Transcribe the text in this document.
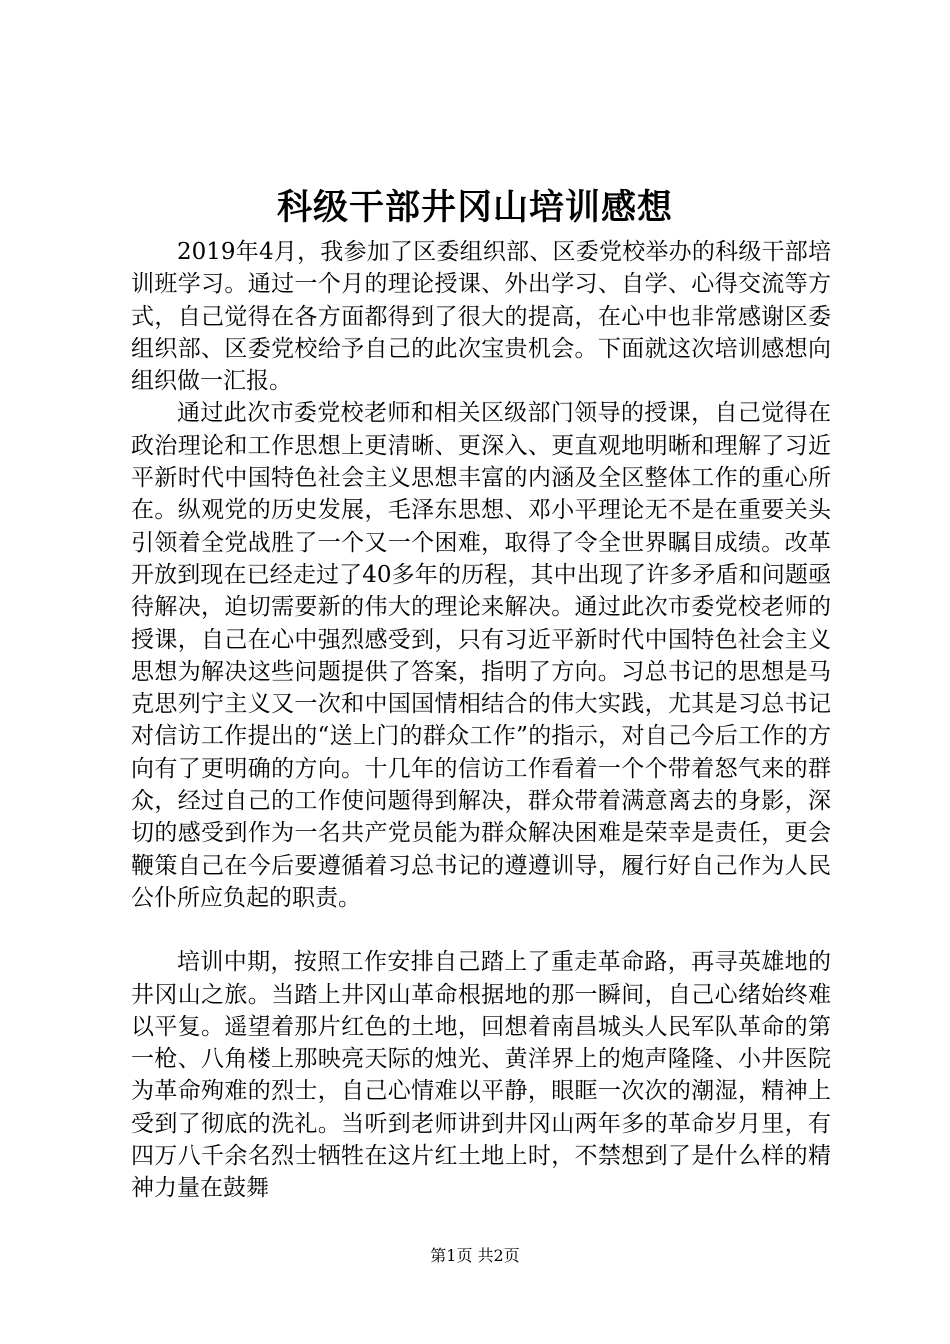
科级干部井冈山培训感想

2019年4月，我参加了区委组织部、区委党校举办的科级干部培训班学习。通过一个月的理论授课、外出学习、自学、心得交流等方式，自己觉得在各方面都得到了很大的提高，在心中也非常感谢区委组织部、区委党校给予自己的此次宝贵机会。下面就这次培训感想向组织做一汇报。

通过此次市委党校老师和相关区级部门领导的授课，自己觉得在政治理论和工作思想上更清晰、更深入、更直观地明晰和理解了习近平新时代中国特色社会主义思想丰富的内涵及全区整体工作的重心所在。纵观党的历史发展，毛泽东思想、邓小平理论无不是在重要关头引领着全党战胜了一个又一个困难，取得了令全世界瞩目成绩。改革开放到现在已经走过了40多年的历程，其中出现了许多矛盾和问题亟待解决，迫切需要新的伟大的理论来解决。通过此次市委党校老师的授课，自己在心中强烈感受到，只有习近平新时代中国特色社会主义思想为解决这些问题提供了答案，指明了方向。习总书记的思想是马克思列宁主义又一次和中国国情相结合的伟大实践，尤其是习总书记对信访工作提出的“送上门的群众工作”的指示，对自己今后工作的方向有了更明确的方向。十几年的信访工作看着一个个带着怒气来的群众，经过自己的工作使问题得到解决，群众带着满意离去的身影，深切的感受到作为一名共产党员能为群众解决困难是荣幸是责任，更会鞭策自己在今后要遵循着习总书记的遵遵训导，履行好自己作为人民公仆所应负起的职责。

培训中期，按照工作安排自己踏上了重走革命路，再寻英雄地的井冈山之旅。当踏上井冈山革命根据地的那一瞬间，自己心绪始终难以平复。遥望着那片红色的土地，回想着南昌城头人民军队革命的第一枪、八角楼上那映亮天际的烛光、黄洋界上的炮声隆隆、小井医院为革命殉难的烈士，自己心情难以平静，眼眶一次次的潮湿，精神上受到了彻底的洗礼。当听到老师讲到井冈山两年多的革命岁月里，有四万八千余名烈士牺牲在这片红土地上时，不禁想到了是什么样的精神力量在鼓舞

第1页 共2页
